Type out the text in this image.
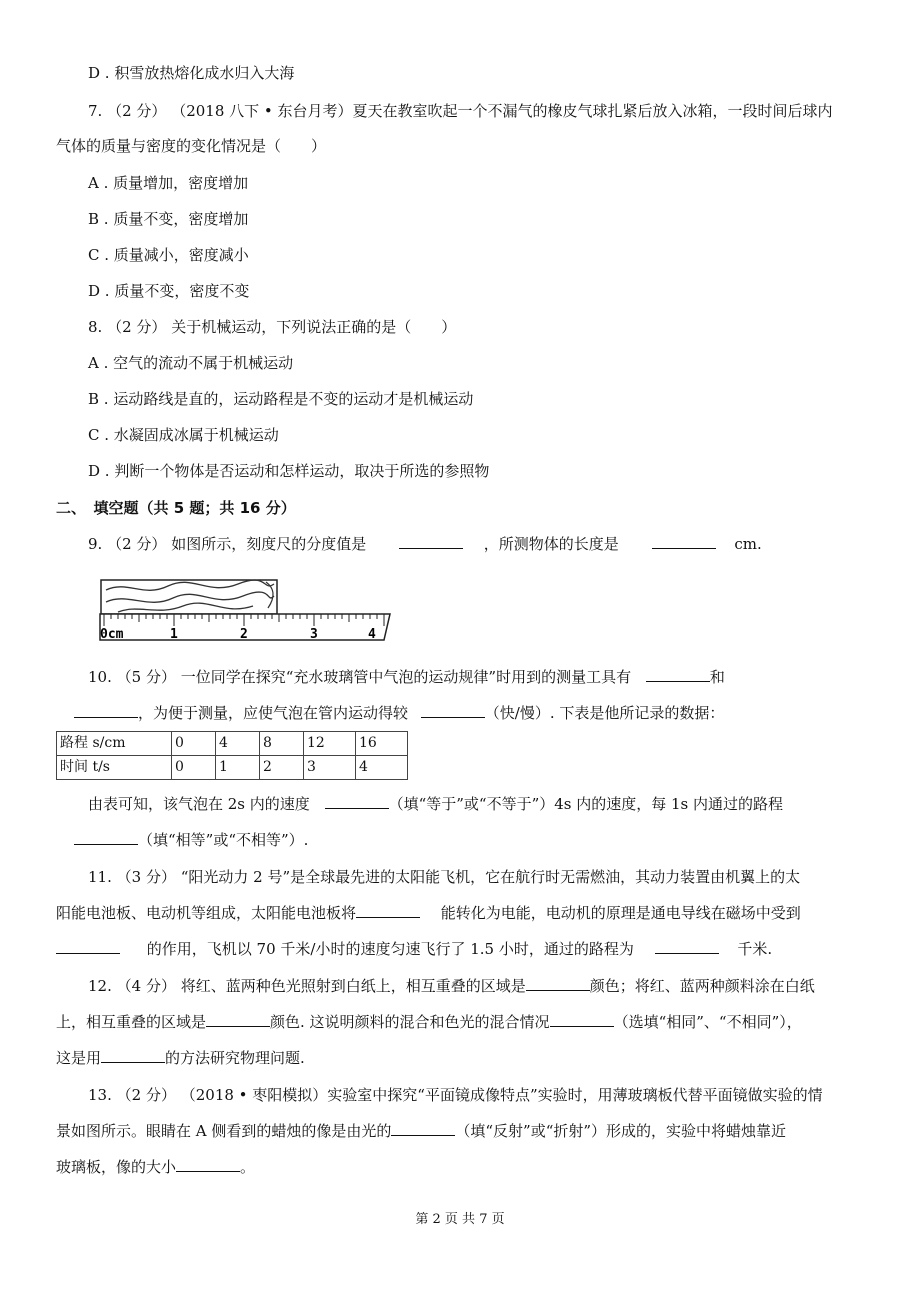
D . 积雪放热熔化成水归入大海
7. （2 分） （2018 八下 • 东台月考）夏天在教室吹起一个不漏气的橡皮气球扎紧后放入冰箱，一段时间后球内
气体的质量与密度的变化情况是（　　）
A . 质量增加，密度增加
B . 质量不变，密度增加
C . 质量减小，密度减小
D . 质量不变，密度不变
8. （2 分） 关于机械运动，下列说法正确的是（　　）
A . 空气的流动不属于机械运动
B . 运动路线是直的，运动路程是不变的运动才是机械运动
C . 水凝固成冰属于机械运动
D . 判断一个物体是否运动和怎样运动，取决于所选的参照物
二、　填空题（共 5 题；共 16 分）
9. （2 分） 如图所示，刻度尺的分度值是	，所测物体的长度是	cm.
0cm	1	2	3	4
10. （5 分） 一位同学在探究“充水玻璃管中气泡的运动规律”时用到的测量工具有	和
，为便于测量，应使气泡在管内运动得较	（快/慢）. 下表是他所记录的数据：
路程 s/cm	0	4	8	12	16
时间 t/s	0	1	2	3	4
由表可知，该气泡在 2s 内的速度	（填“等于”或“不等于”）4s 内的速度，每 1s 内通过的路程
（填“相等”或“不相等”）.
11. （3 分） “阳光动力 2 号”是全球最先进的太阳能飞机，它在航行时无需燃油，其动力装置由机翼上的太
阳能电池板、电动机等组成，太阳能电池板将	能转化为电能，电动机的原理是通电导线在磁场中受到
的作用，飞机以 70 千米/小时的速度匀速飞行了 1.5 小时，通过的路程为	千米.
12. （4 分） 将红、蓝两种色光照射到白纸上，相互重叠的区域是	颜色；将红、蓝两种颜料涂在白纸
上，相互重叠的区域是	颜色. 这说明颜料的混合和色光的混合情况	（选填“相同”、“不相同”），
这是用	的方法研究物理问题.
13. （2 分） （2018 • 枣阳模拟）实验室中探究“平面镜成像特点”实验时，用薄玻璃板代替平面镜做实验的情
景如图所示。眼睛在 A 侧看到的蜡烛的像是由光的	（填“反射”或“折射”）形成的，实验中将蜡烛靠近
玻璃板，像的大小	。
第 2 页 共 7 页
